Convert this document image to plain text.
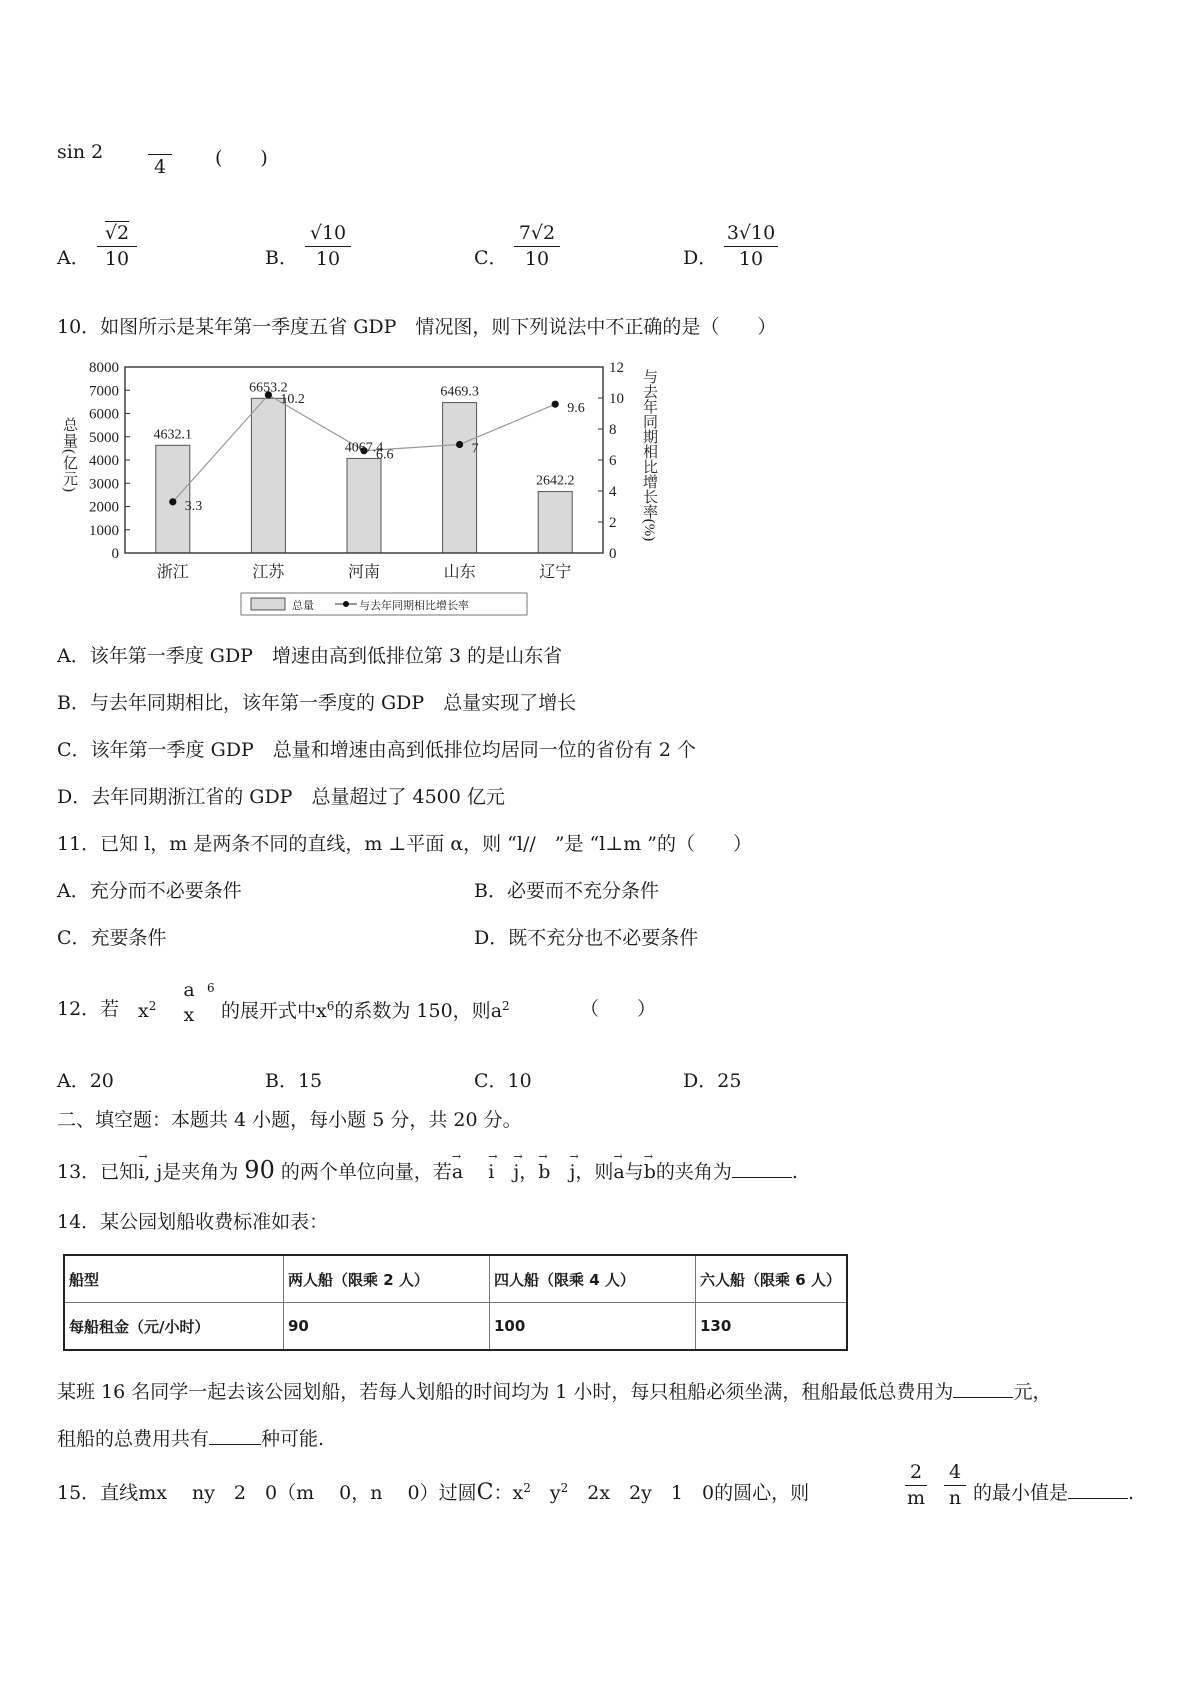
sin 2
4	(　　)
A． $\frac{√2}{10}$	B． $\frac{√10}{10}$	C． $\frac{7√2}{10}$	D． $\frac{3√10}{10}$
10．如图所示是某年第一季度五省 GDP　情况图，则下列说法中不正确的是（　　）
0
1000
2000
3000
4000
5000
6000
7000
8000
0
2
4
6
8
10
12
总量(亿元)	与去年同期相比增长率(%)
浙江	江苏	河南	山东	辽宁
4632.1
6653.2
4067.4
6469.3
2642.2
3.3
10.2
6.6	7
9.6
总量	与去年同期相比增长率
A．该年第一季度 GDP　增速由高到低排位第 3 的是山东省
B．与去年同期相比，该年第一季度的 GDP　总量实现了增长
C．该年第一季度 GDP　总量和增速由高到低排位均居同一位的省份有 2 个
D．去年同期浙江省的 GDP　总量超过了 4500 亿元
11．已知 l，m 是两条不同的直线，m ⊥平面 α，则 “l//　”是 “l⊥m ”的（　　）
A．充分而不必要条件	B．必要而不充分条件
C．充要条件	D．既不充分也不必要条件
12．若 $x^2$
a
x
6
的展开式中$x^6$的系数为 150，则$a^2$	（　　）
A．20	B．15	C．10	D．25
二、填空题：本题共 4 小题，每小题 5 分，共 20 分。
13．已知→ i, j是夹角为 90 的两个单位向量，若→ a　 → i　 → j，→ b　 → j，则→ a与→ b的夹角为	.
14．某公园划船收费标准如表：
船型	两人船（限乘 2 人）	四人船（限乘 4 人）	六人船（限乘 6 人）
每船租金（元/小时）	90	100	130
某班 16 名同学一起去该公园划船，若每人划船的时间均为 1 小时，每只租船必须坐满，租船最低总费用为	元，
租船的总费用共有	种可能.
15．直线mx　 ny　2　0（m　 0，n　 0）过圆C：$x^2$　 $y^2$　 2x　2y　1　0的圆心，则	$\frac{2}{m} \frac{4}{n}$ 的最小值是	.
